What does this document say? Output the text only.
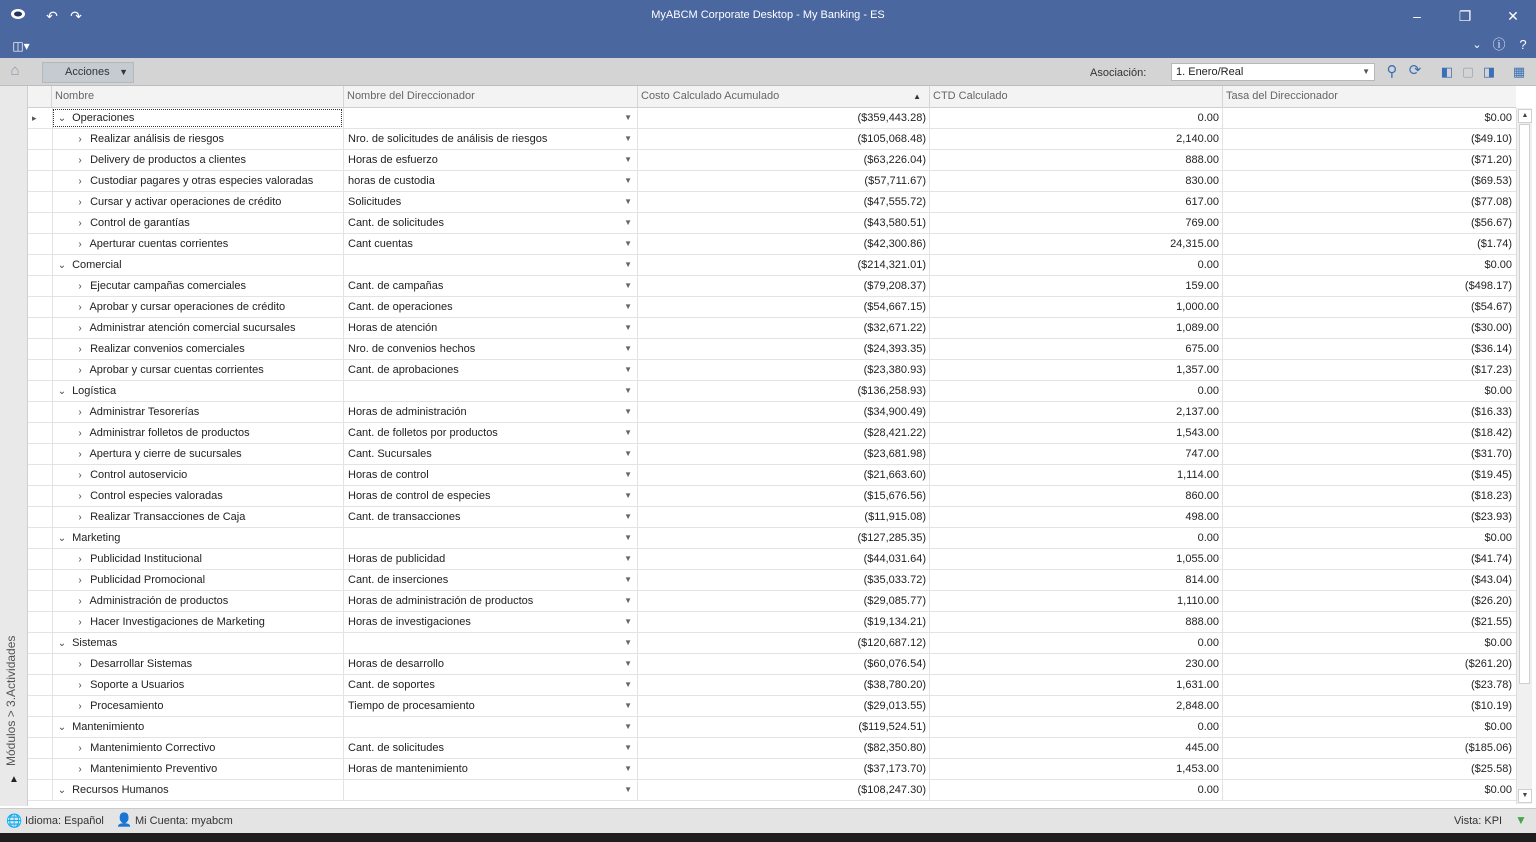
↶ ↷	MyABCM Corporate Desktop - My Banking - ES	–	❐	✕
◫▾	⌄ ⓘ	?
⌂	Acciones ▼	Asociación:	⚲ ⟳	◧ ▢ ◨	▦
1. Enero/Real	▼
Módulos > 3.Actividades
▲
Nombre	Nombre del Direccionador	Costo Calculado Acumulado	▲	CTD Calculado	Tasa del Direccionador
▸	⌄ Operaciones	▼	($359,443.28)	0.00	$0.00
› Realizar análisis de riesgos	Nro. de solicitudes de análisis de riesgos	▼	($105,068.48)	2,140.00	($49.10)
› Delivery de productos a clientes	Horas de esfuerzo	▼	($63,226.04)	888.00	($71.20)
› Custodiar pagares y otras especies valoradas	horas de custodia	▼	($57,711.67)	830.00	($69.53)
› Cursar y activar operaciones de crédito	Solicitudes	▼	($47,555.72)	617.00	($77.08)
› Control de garantías	Cant. de solicitudes	▼	($43,580.51)	769.00	($56.67)
› Aperturar cuentas corrientes	Cant cuentas	▼	($42,300.86)	24,315.00	($1.74)
⌄ Comercial	▼	($214,321.01)	0.00	$0.00
› Ejecutar campañas comerciales	Cant. de campañas	▼	($79,208.37)	159.00	($498.17)
› Aprobar y cursar operaciones de crédito	Cant. de operaciones	▼	($54,667.15)	1,000.00	($54.67)
› Administrar atención comercial sucursales	Horas de atención	▼	($32,671.22)	1,089.00	($30.00)
› Realizar convenios comerciales	Nro. de convenios hechos	▼	($24,393.35)	675.00	($36.14)
› Aprobar y cursar cuentas corrientes	Cant. de aprobaciones	▼	($23,380.93)	1,357.00	($17.23)
⌄ Logística	▼	($136,258.93)	0.00	$0.00
› Administrar Tesorerías	Horas de administración	▼	($34,900.49)	2,137.00	($16.33)
› Administrar folletos de productos	Cant. de folletos por productos	▼	($28,421.22)	1,543.00	($18.42)
› Apertura y cierre de sucursales	Cant. Sucursales	▼	($23,681.98)	747.00	($31.70)
› Control autoservicio	Horas de control	▼	($21,663.60)	1,114.00	($19.45)
› Control especies valoradas	Horas de control de especies	▼	($15,676.56)	860.00	($18.23)
› Realizar Transacciones de Caja	Cant. de transacciones	▼	($11,915.08)	498.00	($23.93)
⌄ Marketing	▼	($127,285.35)	0.00	$0.00
› Publicidad Institucional	Horas de publicidad	▼	($44,031.64)	1,055.00	($41.74)
› Publicidad Promocional	Cant. de inserciones	▼	($35,033.72)	814.00	($43.04)
› Administración de productos	Horas de administración de productos	▼	($29,085.77)	1,110.00	($26.20)
› Hacer Investigaciones de Marketing	Horas de investigaciones	▼	($19,134.21)	888.00	($21.55)
⌄ Sistemas	▼	($120,687.12)	0.00	$0.00
› Desarrollar Sistemas	Horas de desarrollo	▼	($60,076.54)	230.00	($261.20)
› Soporte a Usuarios	Cant. de soportes	▼	($38,780.20)	1,631.00	($23.78)
› Procesamiento	Tiempo de procesamiento	▼	($29,013.55)	2,848.00	($10.19)
⌄ Mantenimiento	▼	($119,524.51)	0.00	$0.00
› Mantenimiento Correctivo	Cant. de solicitudes	▼	($82,350.80)	445.00	($185.06)
› Mantenimiento Preventivo	Horas de mantenimiento	▼	($37,173.70)	1,453.00	($25.58)
⌄ Recursos Humanos	▼	($108,247.30)	0.00	$0.00
▲
▼
🌐 Idioma: Español 👤 Mi Cuenta: myabcm	Vista: KPI ▼
